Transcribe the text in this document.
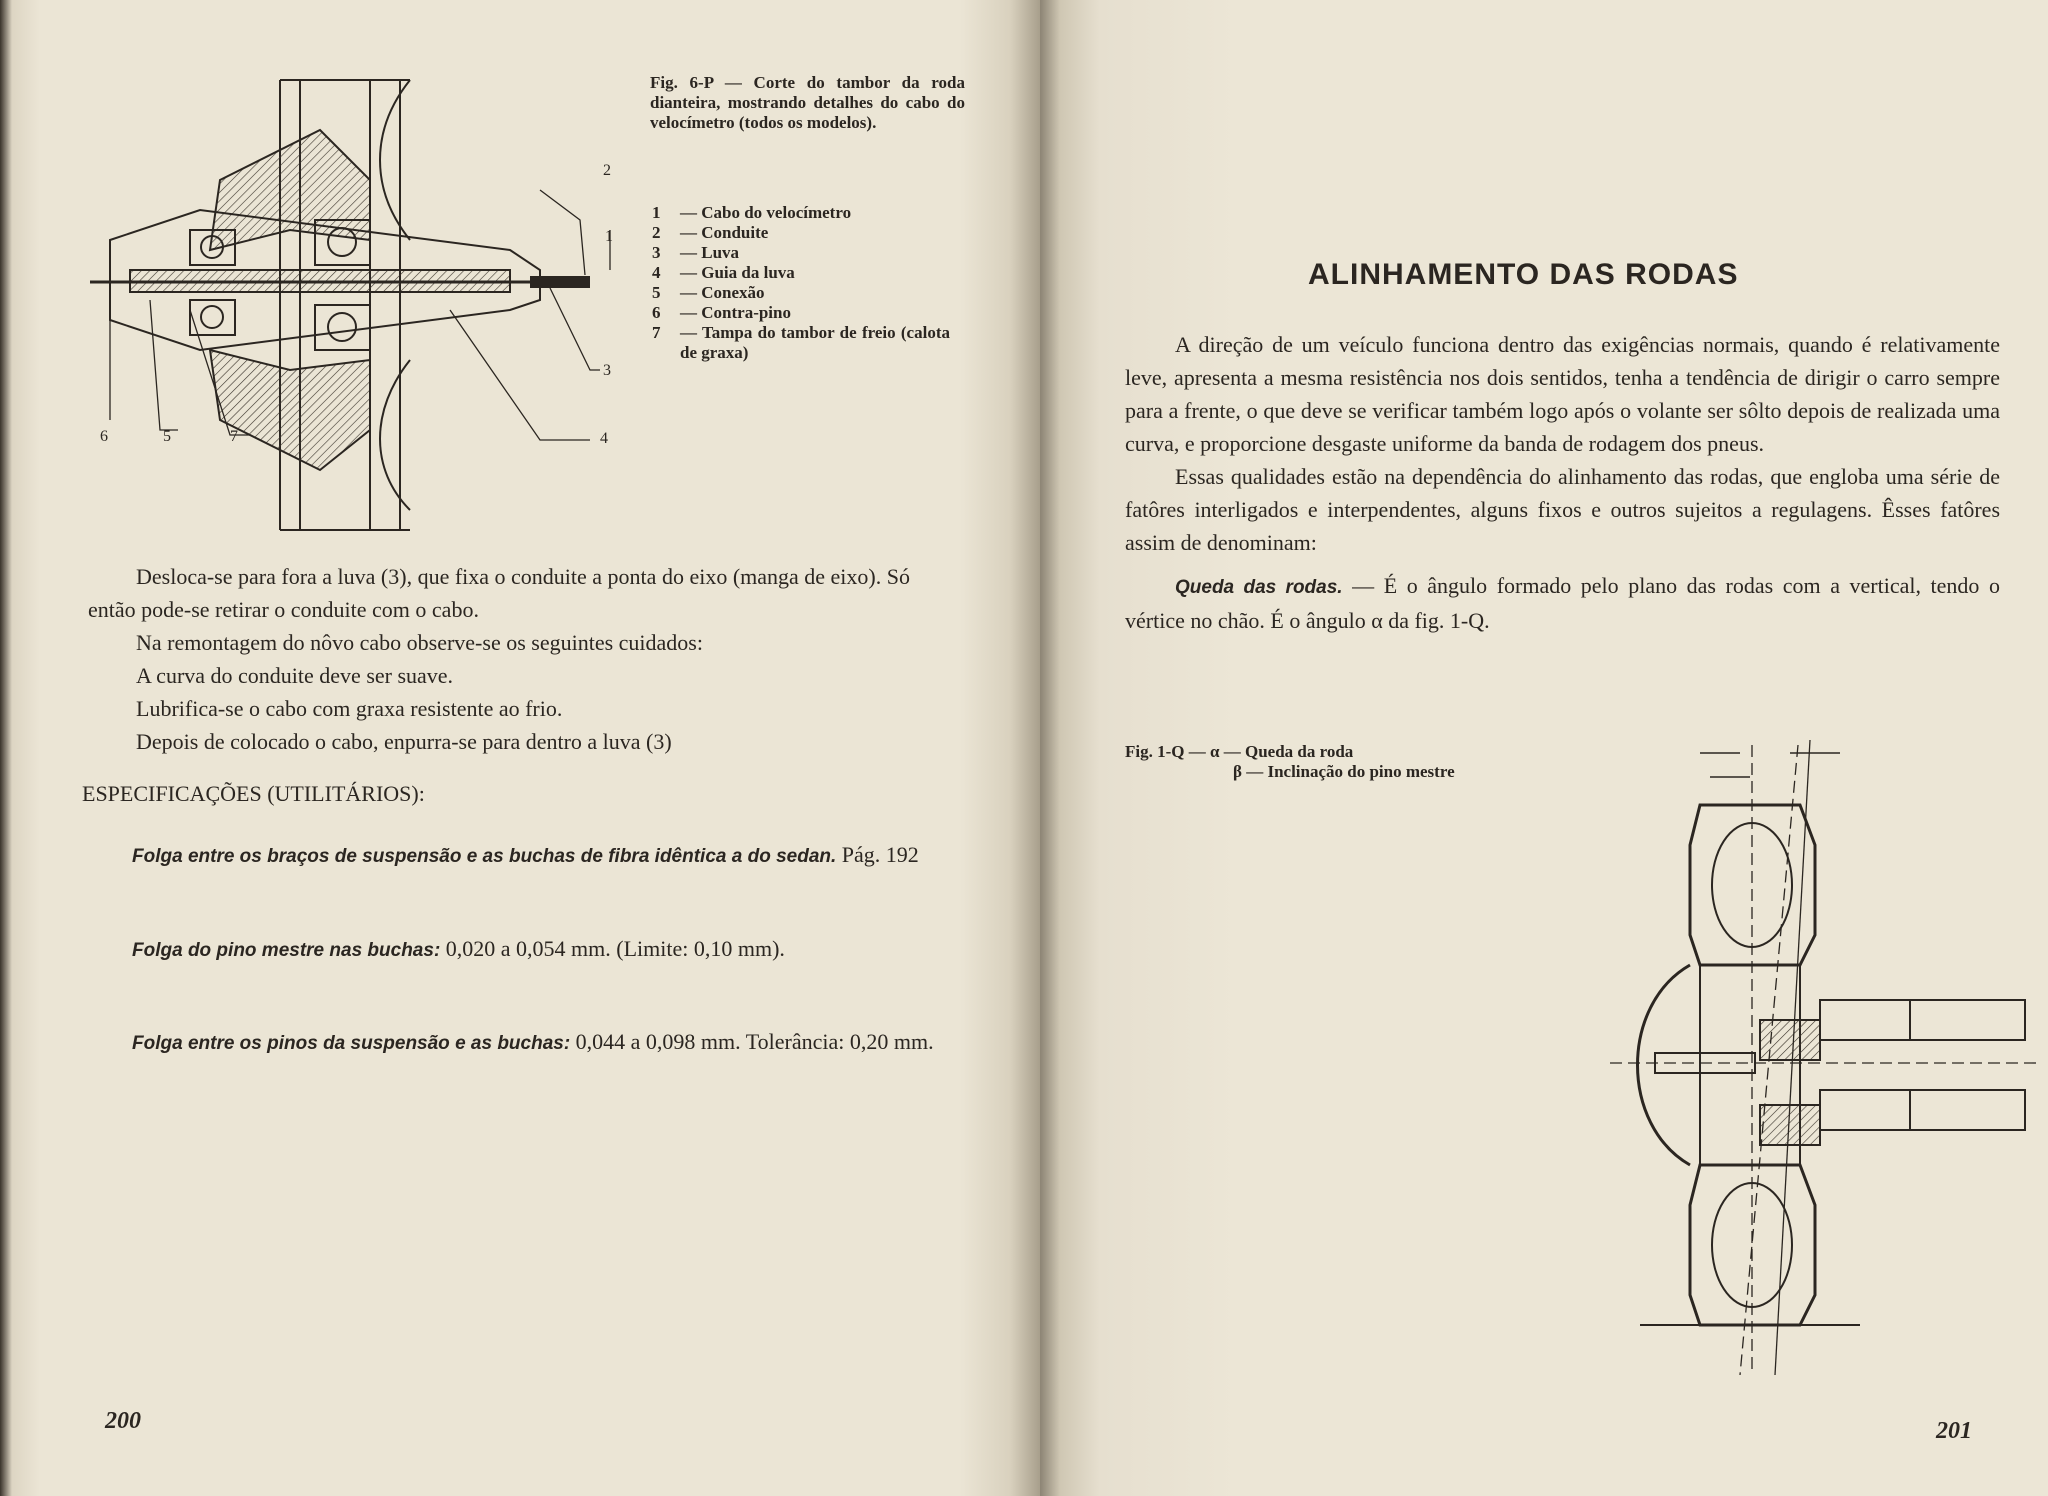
2
1
3
4
6	5	7
Fig. 6-P — Corte do tambor da roda dianteira, mostrando detalhes do cabo do velocímetro (todos os modelos).
1	— Cabo do velocímetro
2	— Conduite
3	— Luva
4	— Guia da luva
5	— Conexão
6	— Contra-pino
7	— Tampa do tambor de freio (calota de graxa)
Desloca-se para fora a luva (3), que fixa o conduite a ponta do eixo (manga de eixo). Só então pode-se retirar o conduite com o cabo.
Na remontagem do nôvo cabo observe-se os seguintes cuidados:
A curva do conduite deve ser suave.
Lubrifica-se o cabo com graxa resistente ao frio.
Depois de colocado o cabo, enpurra-se para dentro a luva (3)
ESPECIFICAÇÕES (UTILITÁRIOS):
Folga entre os braços de suspensão e as buchas de fibra idêntica a do sedan. Pág. 192
Folga do pino mestre nas buchas: 0,020 a 0,054 mm. (Limite: 0,10 mm).
Folga entre os pinos da suspensão e as buchas: 0,044 a 0,098 mm. Tolerância: 0,20 mm.
200
ALINHAMENTO DAS RODAS
A direção de um veículo funciona dentro das exigências normais, quando é relativamente leve, apresenta a mesma resistência nos dois sentidos, tenha a tendência de dirigir o carro sempre para a frente, o que deve se verificar também logo após o volante ser sôlto depois de realizada uma curva, e proporcione desgaste uniforme da banda de rodagem dos pneus.
Essas qualidades estão na dependência do alinhamento das rodas, que engloba uma série de fatôres interligados e interpendentes, alguns fixos e outros sujeitos a regulagens. Êsses fatôres assim de denominam:
Queda das rodas. — É o ângulo formado pelo plano das rodas com a vertical, tendo o vértice no chão. É o ângulo α da fig. 1-Q.
Fig. 1-Q — α — Queda da roda
β — Inclinação do pino mestre
201
